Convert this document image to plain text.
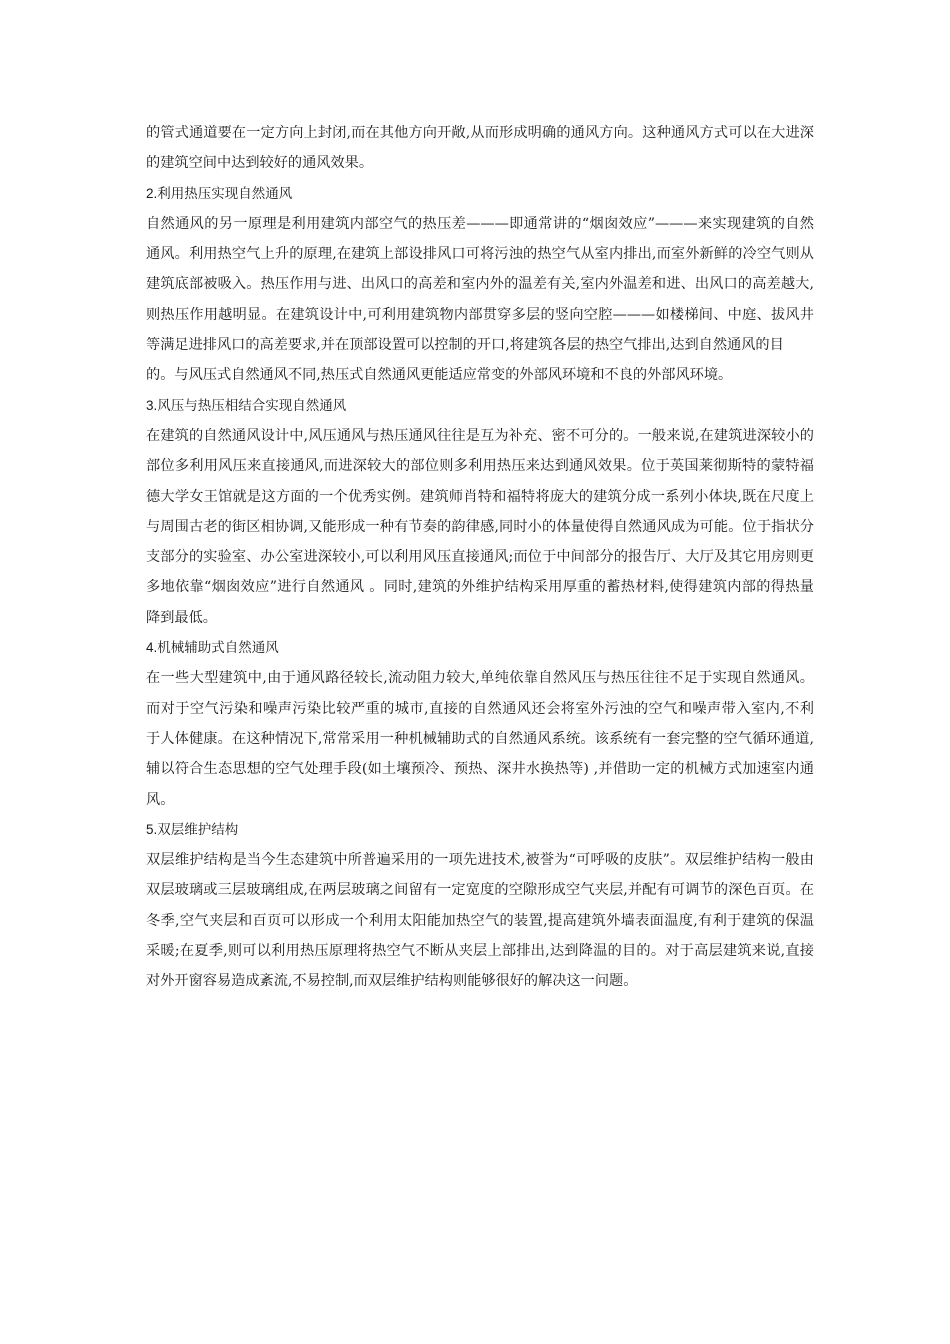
的管式通道要在一定方向上封闭,而在其他方向开敞,从而形成明确的通风方向。这种通风方式可以在大进深
的建筑空间中达到较好的通风效果。
2.利用热压实现自然通风
自然通风的另一原理是利用建筑内部空气的热压差———即通常讲的“烟囱效应”———来实现建筑的自然
通风。利用热空气上升的原理,在建筑上部设排风口可将污浊的热空气从室内排出,而室外新鲜的冷空气则从
建筑底部被吸入。热压作用与进、出风口的高差和室内外的温差有关,室内外温差和进、出风口的高差越大,
则热压作用越明显。在建筑设计中,可利用建筑物内部贯穿多层的竖向空腔———如楼梯间、中庭、拔风井
等满足进排风口的高差要求,并在顶部设置可以控制的开口,将建筑各层的热空气排出,达到自然通风的目
的。与风压式自然通风不同,热压式自然通风更能适应常变的外部风环境和不良的外部风环境。
3.风压与热压相结合实现自然通风
在建筑的自然通风设计中,风压通风与热压通风往往是互为补充、密不可分的。一般来说,在建筑进深较小的
部位多利用风压来直接通风,而进深较大的部位则多利用热压来达到通风效果。位于英国莱彻斯特的蒙特福
德大学女王馆就是这方面的一个优秀实例。建筑师肖特和福特将庞大的建筑分成一系列小体块,既在尺度上
与周围古老的街区相协调,又能形成一种有节奏的韵律感,同时小的体量使得自然通风成为可能。位于指状分
支部分的实验室、办公室进深较小,可以利用风压直接通风;而位于中间部分的报告厅、大厅及其它用房则更
多地依靠“烟囱效应”进行自然通风 。同时,建筑的外维护结构采用厚重的蓄热材料,使得建筑内部的得热量
降到最低。
4.机械辅助式自然通风
在一些大型建筑中,由于通风路径较长,流动阻力较大,单纯依靠自然风压与热压往往不足于实现自然通风。
而对于空气污染和噪声污染比较严重的城市,直接的自然通风还会将室外污浊的空气和噪声带入室内,不利
于人体健康。在这种情况下,常常采用一种机械辅助式的自然通风系统。该系统有一套完整的空气循环通道,
辅以符合生态思想的空气处理手段(如土壤预冷、预热、深井水换热等) ,并借助一定的机械方式加速室内通
风。
5.双层维护结构
双层维护结构是当今生态建筑中所普遍采用的一项先进技术,被誉为“可呼吸的皮肤”。双层维护结构一般由
双层玻璃或三层玻璃组成,在两层玻璃之间留有一定宽度的空隙形成空气夹层,并配有可调节的深色百页。在
冬季,空气夹层和百页可以形成一个利用太阳能加热空气的装置,提高建筑外墙表面温度,有利于建筑的保温
采暖;在夏季,则可以利用热压原理将热空气不断从夹层上部排出,达到降温的目的。对于高层建筑来说,直接
对外开窗容易造成紊流,不易控制,而双层维护结构则能够很好的解决这一问题。
